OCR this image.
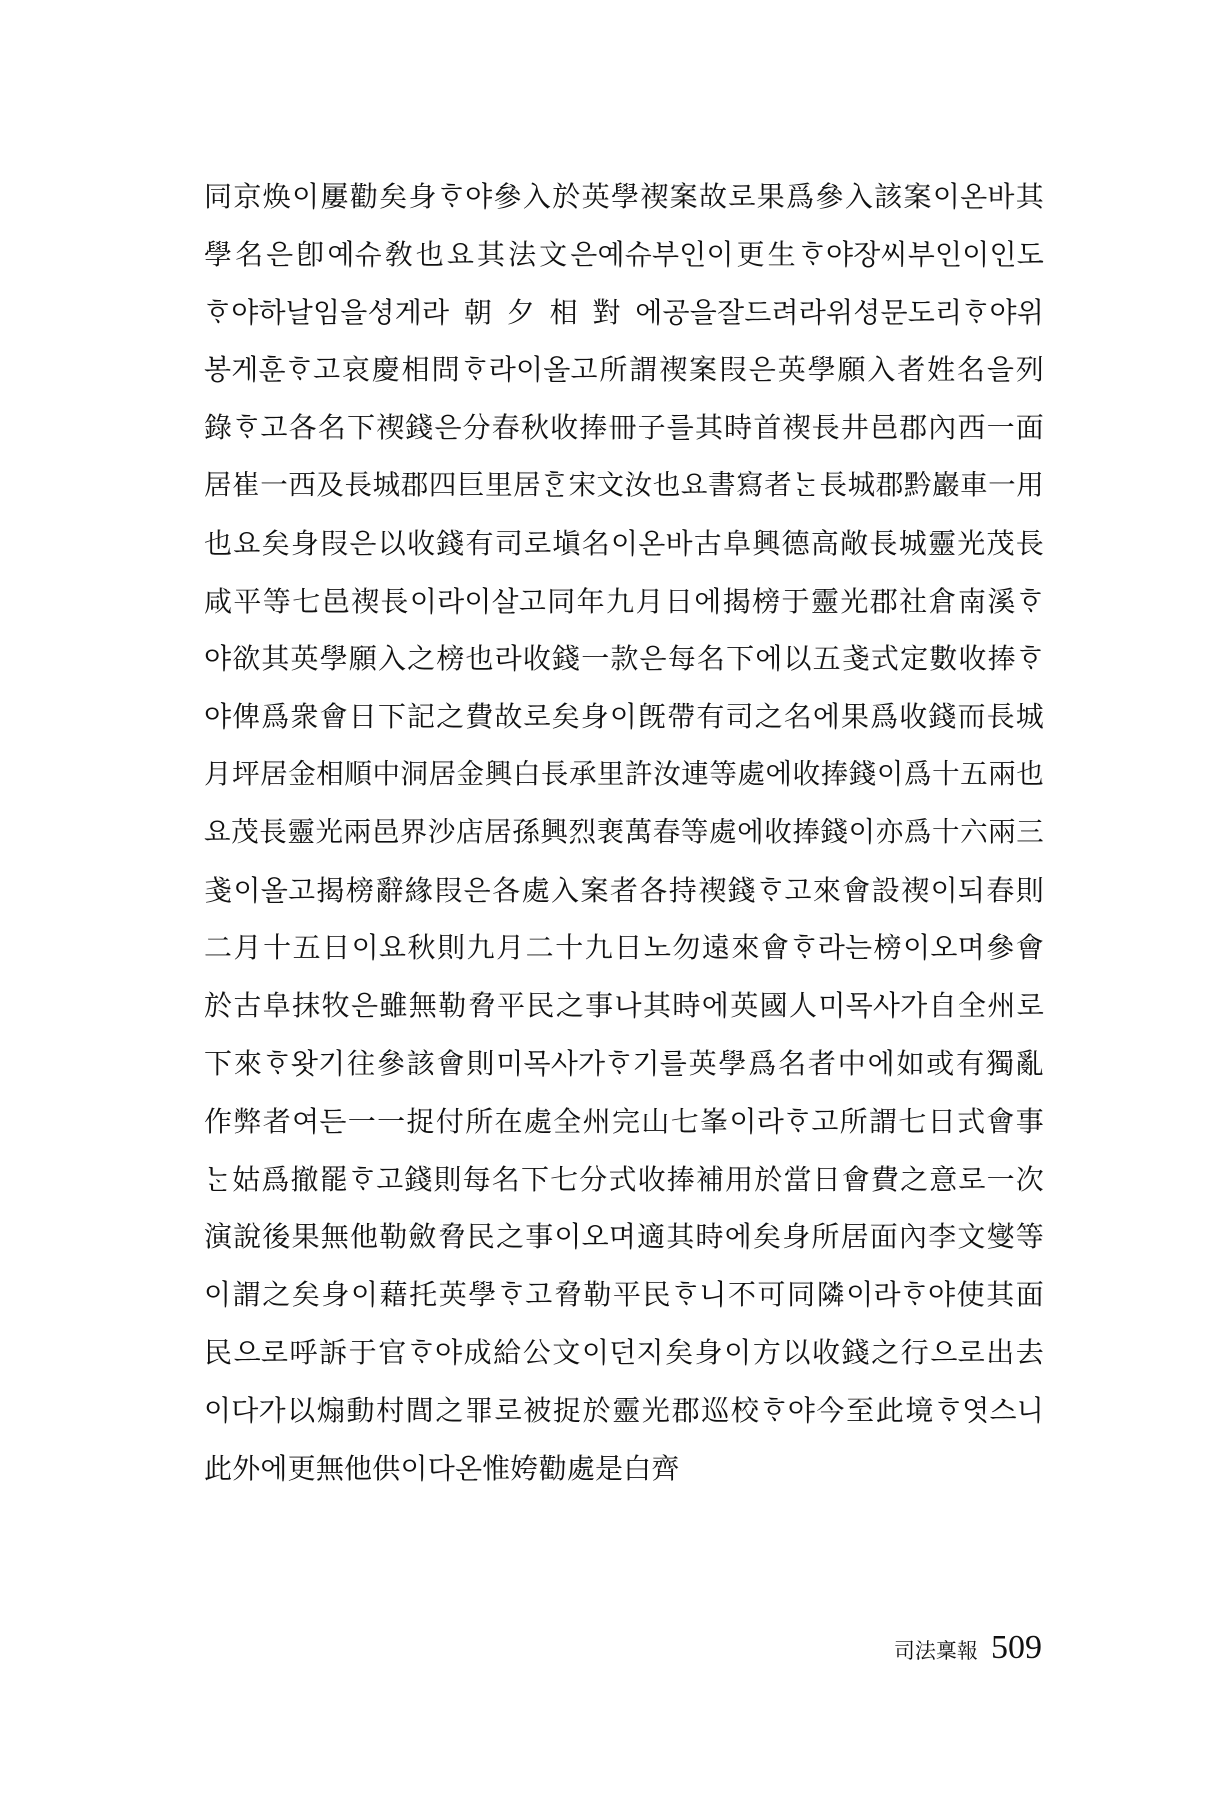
同京焕이屢勸矣身ᄒᆞ야參入於英學禊案故로果爲參入該案이온바其
學名은卽예슈敎也요其法文은예슈부인이更生ᄒᆞ야장씨부인이인도
ᄒᆞ야하날임을셩게라朝夕相對에공을잘드려라위셩문도리ᄒᆞ야위
봉게훈ᄒᆞ고哀慶相問ᄒᆞ라이올고所謂禊案叚은英學願入者姓名을列
錄ᄒᆞ고各名下禊錢은分春秋收捧冊子를其時首禊長井邑郡內西一面
居崔一西及長城郡四巨里居ᄒᆞᆫ宋文汝也요書寫者ᄂᆞᆫ長城郡黔巖車一用
也요矣身叚은以收錢有司로塡名이온바古阜興德高敞長城靈光茂長
咸平等七邑禊長이라이살고同年九月日에揭榜于靈光郡社倉南溪ᄒᆞ
야欲其英學願入之榜也라收錢一款은每名下에以五戔式定數收捧ᄒᆞ
야俾爲衆會日下記之費故로矣身이旣帶有司之名에果爲收錢而長城
月坪居金相順中洞居金興白長承里許汝連等處에收捧錢이爲十五兩也
요茂長靈光兩邑界沙店居孫興烈裵萬春等處에收捧錢이亦爲十六兩三
戔이올고揭榜辭緣叚은各處入案者各持禊錢ᄒᆞ고來會設禊이되春則
二月十五日이요秋則九月二十九日노勿遠來會ᄒᆞ라는榜이오며參會
於古阜抹牧은雖無勒脅平民之事나其時에英國人미목사가自全州로
下來ᄒᆞ왓기往參該會則미목사가ᄒᆞ기를英學爲名者中에如或有獨亂
作弊者여든一一捉付所在處全州完山七峯이라ᄒᆞ고所謂七日式會事
ᄂᆞᆫ姑爲撤罷ᄒᆞ고錢則每名下七分式收捧補用於當日會費之意로一次
演說後果無他勒斂脅民之事이오며適其時에矣身所居面內李文燮等
이謂之矣身이藉托英學ᄒᆞ고脅勒平民ᄒᆞ니不可同隣이라ᄒᆞ야使其面
民으로呼訴于官ᄒᆞ야成給公文이던지矣身이方以收錢之行으로出去
이다가以煽動村閭之罪로被捉於靈光郡巡校ᄒᆞ야今至此境ᄒᆞ엿스니
此外에更無他供이다온惟姱勸處是白齊
司法稟報 509
